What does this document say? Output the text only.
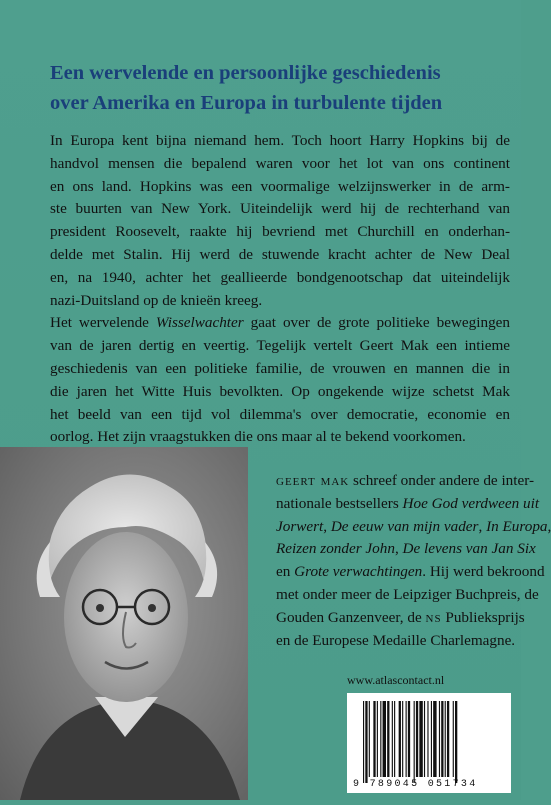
Een wervelende en persoonlijke geschiedenis
over Amerika en Europa in turbulente tijden
In Europa kent bijna niemand hem. Toch hoort Harry Hopkins bij de
handvol mensen die bepalend waren voor het lot van ons continent
en ons land. Hopkins was een voormalige welzijnswerker in de arm-
ste buurten van New York. Uiteindelijk werd hij de rechterhand van
president Roosevelt, raakte hij bevriend met Churchill en onderhan-
delde met Stalin. Hij werd de stuwende kracht achter de New Deal
en, na 1940, achter het geallieerde bondgenootschap dat uiteindelijk
nazi-Duitsland op de knieën kreeg.
Het wervelende Wisselwachter gaat over de grote politieke bewegingen
van de jaren dertig en veertig. Tegelijk vertelt Geert Mak een intieme
geschiedenis van een politieke familie, de vrouwen en mannen die in
die jaren het Witte Huis bevolkten. Op ongekende wijze schetst Mak
het beeld van een tijd vol dilemma's over democratie, economie en
oorlog. Het zijn vraagstukken die ons maar al te bekend voorkomen.
geert mak schreef onder andere de inter-
nationale bestsellers Hoe God verdween uit
Jorwert, De eeuw van mijn vader, In Europa,
Reizen zonder John, De levens van Jan Six
en Grote verwachtingen. Hij werd bekroond
met onder meer de Leipziger Buchpreis, de
Gouden Ganzenveer, de ns Publieksprijs
en de Europese Medaille Charlemagne.
www.atlascontact.nl
9 789045 051734
